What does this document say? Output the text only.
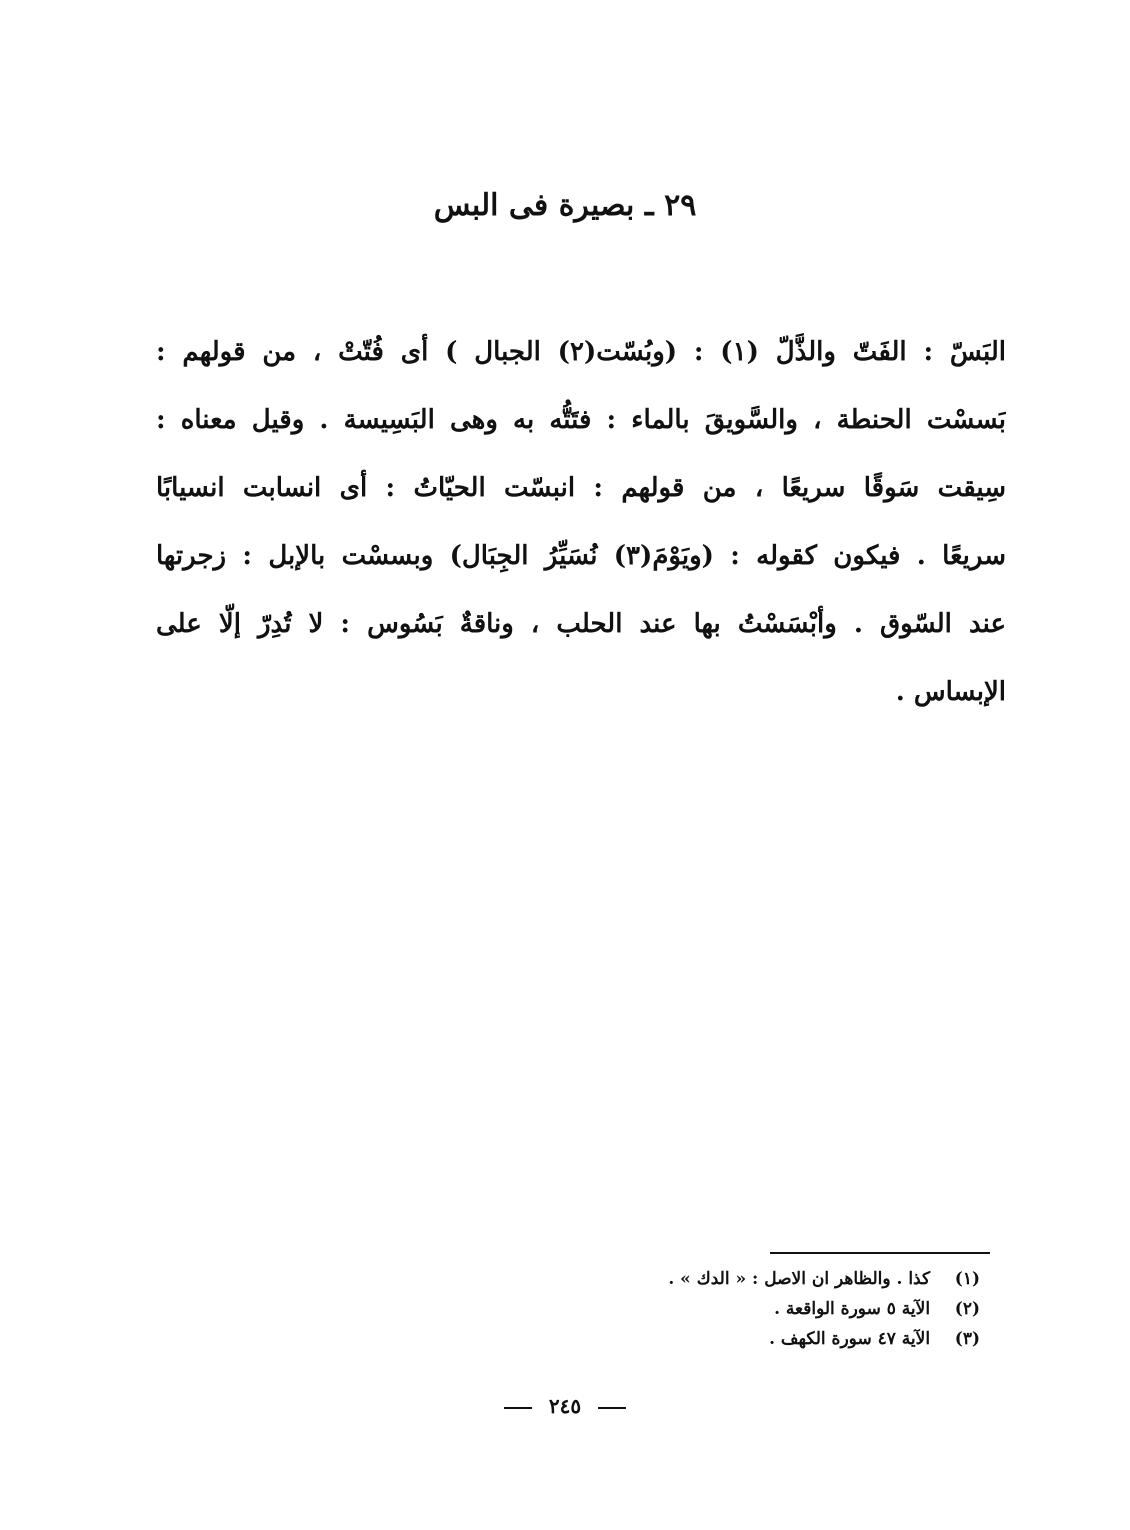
٢٩ ـ بصيرة فى البس
البَسّ : الفَتّ والذَّلّ (١) : (وبُسّت(٢) الجبال ) أى فُتّتْ ، من قولهم :
بَسسْت الحنطة ، والسَّويقَ بالماء : فتَتُّه به وهى البَسِيسة . وقيل معناه :
سِيقت سَوقًا سريعًا ، من قولهم : انبسّت الحيّاتُ : أى انسابت انسيابًا
سريعًا . فيكون كقوله : (ويَوْمَ(٣) نُسَيِّرُ الجِبَال) وبسسْت بالإبل : زجرتها
عند السّوق . وأبْسَسْتُ بها عند الحلب ، وناقةٌ بَسُوس : لا تُدِرّ إلّا على
الإبساس .
(١) كذا . والظاهر ان الاصل : « الدك » .
(٢) الآية ٥ سورة الواقعة .
(٣) الآية ٤٧ سورة الكهف .
٢٤٥
